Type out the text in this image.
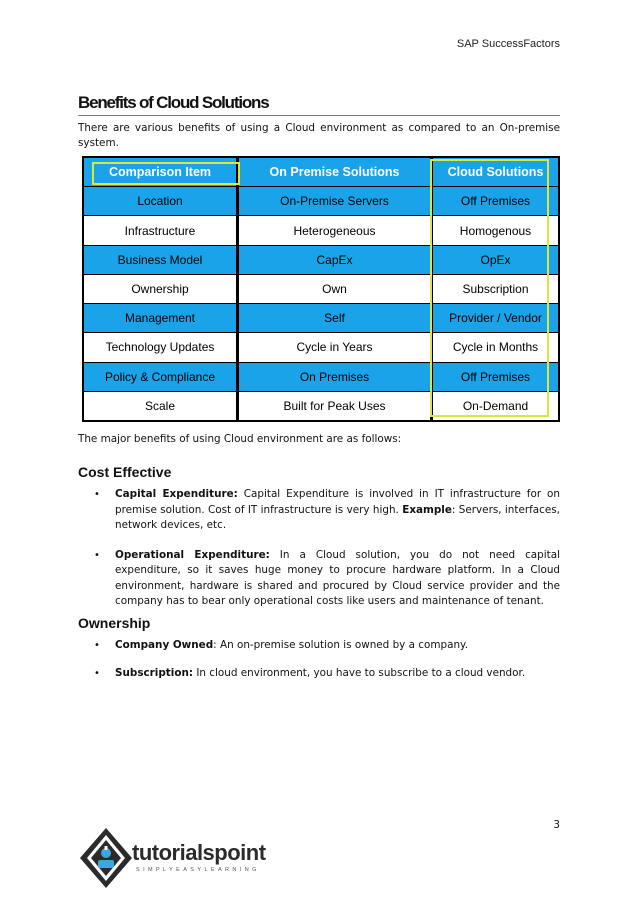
SAP SuccessFactors
Benefits of Cloud Solutions
There are various benefits of using a Cloud environment as compared to an On-premise system.
Comparison Item	On Premise Solutions	Cloud Solutions
Location	On-Premise Servers	Off Premises
Infrastructure	Heterogeneous	Homogenous
Business Model	CapEx	OpEx
Ownership	Own	Subscription
Management	Self	Provider / Vendor
Technology Updates	Cycle in Years	Cycle in Months
Policy & Compliance	On Premises	Off Premises
Scale	Built for Peak Uses	On-Demand
The major benefits of using Cloud environment are as follows:
Cost Effective
• Capital Expenditure: Capital Expenditure is involved in IT infrastructure for on premise solution. Cost of IT infrastructure is very high. Example: Servers, interfaces, network devices, etc.
• Operational Expenditure: In a Cloud solution, you do not need capital expenditure, so it saves huge money to procure hardware platform. In a Cloud environment, hardware is shared and procured by Cloud service provider and the company has to bear only operational costs like users and maintenance of tenant.
Ownership
• Company Owned: An on-premise solution is owned by a company.
• Subscription: In cloud environment, you have to subscribe to a cloud vendor.
3
tutorialspoint
SIMPLYEASYLEARNING
